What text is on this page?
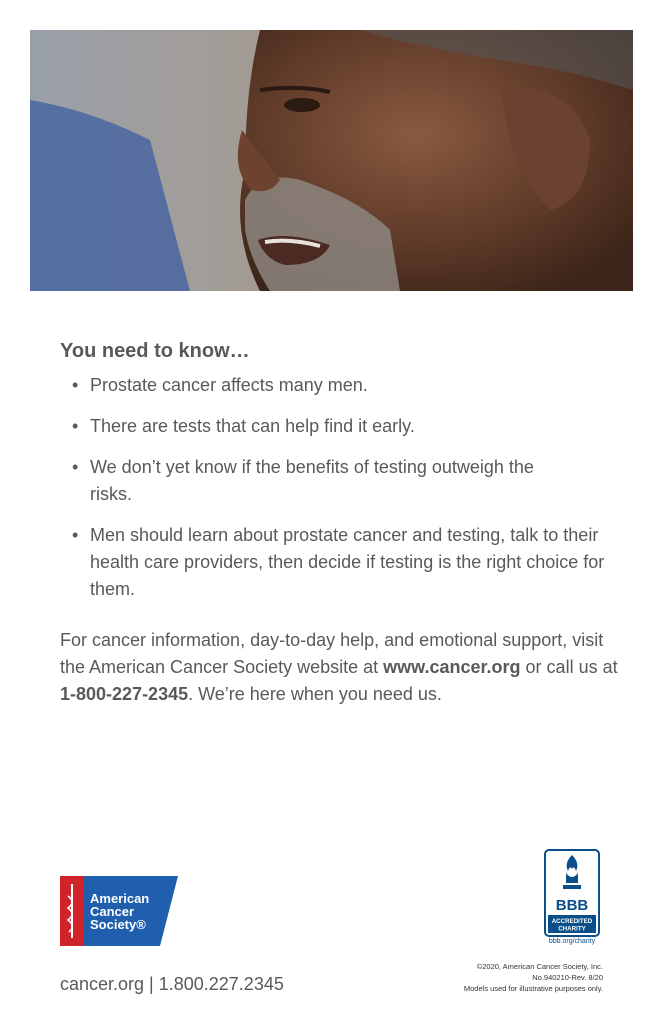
You need to know…
• Prostate cancer affects many men.
• There are tests that can help find it early.
• We don’t yet know if the benefits of testing outweigh the risks.
• Men should learn about prostate cancer and testing, talk to their health care providers, then decide if testing is the right choice for them.
For cancer information, day-to-day help, and emotional support, visit the American Cancer Society website at www.cancer.org or call us at 1-800-227-2345. We’re here when you need us.
American
Cancer
Society®
cancer.org | 1.800.227.2345
BBB
ACCREDITED
CHARITY
bbb.org/charity
©2020, American Cancer Society, Inc.
No.940210-Rev. 8/20
Models used for illustrative purposes only.
